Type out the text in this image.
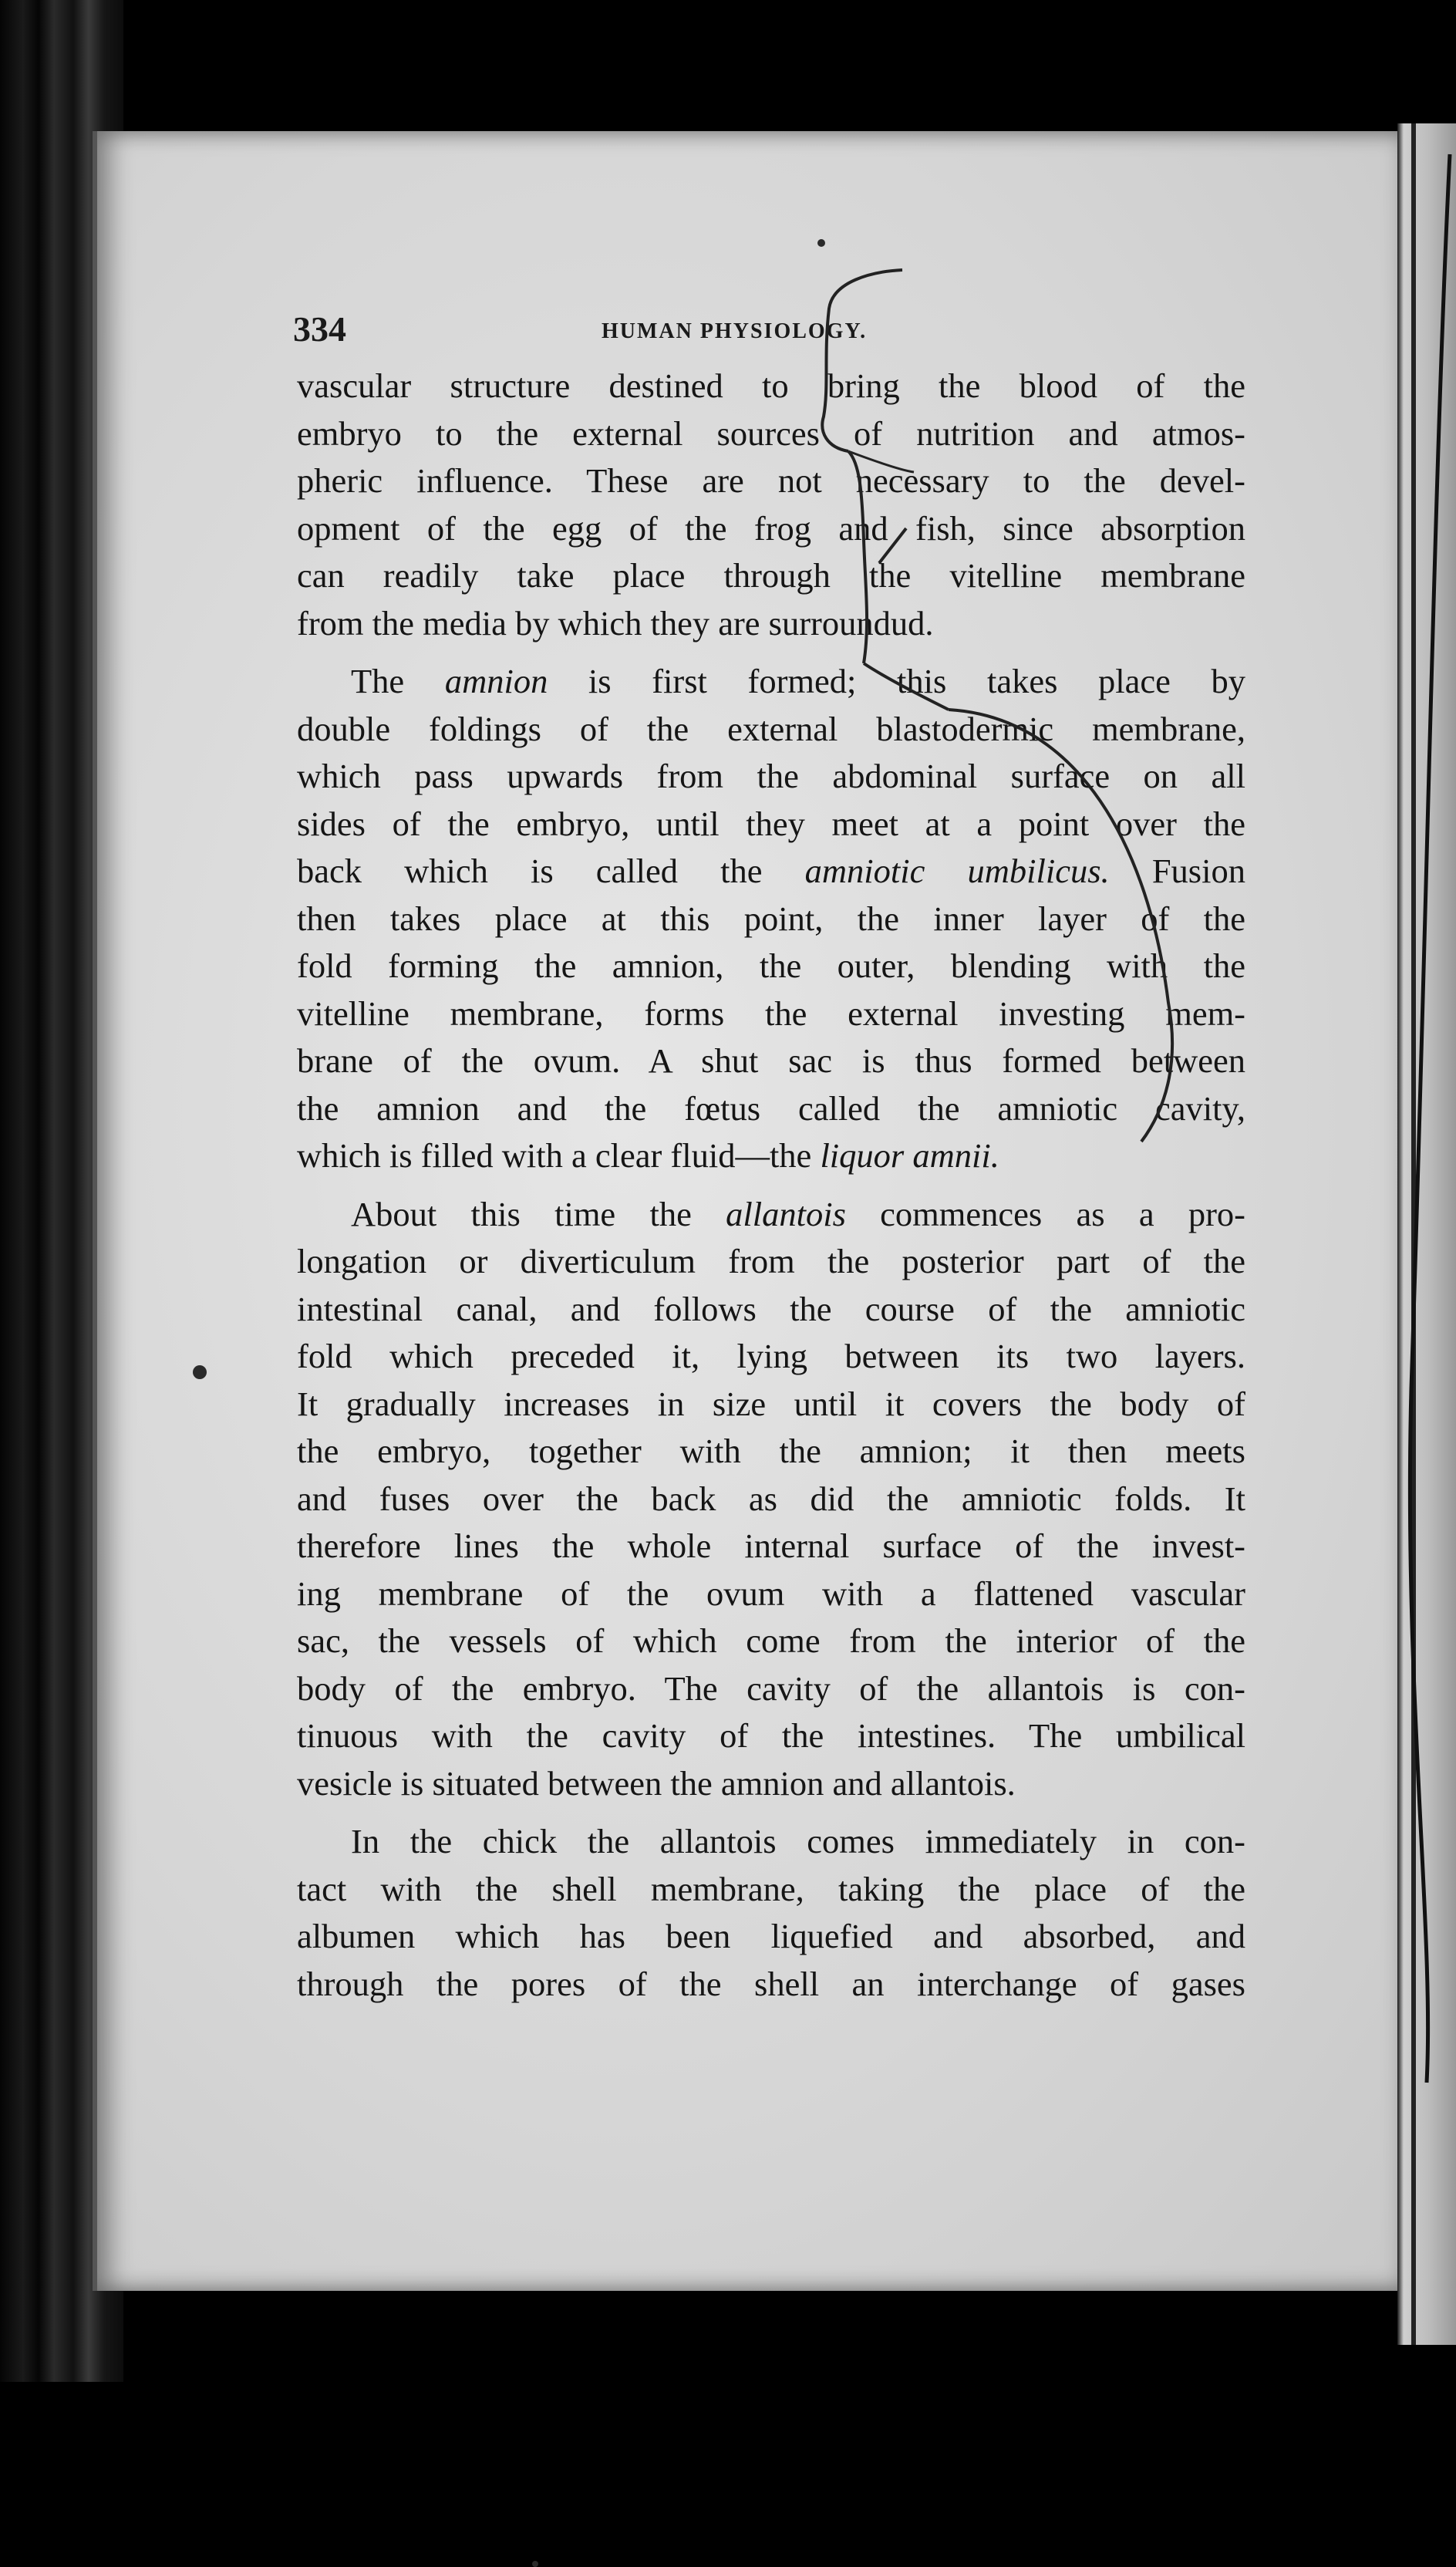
334	HUMAN PHYSIOLOGY.
vascular structure destined to bring the blood of the
embryo to the external sources of nutrition and atmos-
pheric influence. These are not necessary to the devel-
opment of the egg of the frog and fish, since absorption
can readily take place through the vitelline membrane
from the media by which they are surroundud.
The amnion is first formed; this takes place by
double foldings of the external blastodermic membrane,
which pass upwards from the abdominal surface on all
sides of the embryo, until they meet at a point over the
back which is called the amniotic umbilicus. Fusion
then takes place at this point, the inner layer of the
fold forming the amnion, the outer, blending with the
vitelline membrane, forms the external investing mem-
brane of the ovum. A shut sac is thus formed between
the amnion and the fœtus called the amniotic cavity,
which is filled with a clear fluid—the liquor amnii.
About this time the allantois commences as a pro-
longation or diverticulum from the posterior part of the
intestinal canal, and follows the course of the amniotic
fold which preceded it, lying between its two layers.
It gradually increases in size until it covers the body of
the embryo, together with the amnion; it then meets
and fuses over the back as did the amniotic folds. It
therefore lines the whole internal surface of the invest-
ing membrane of the ovum with a flattened vascular
sac, the vessels of which come from the interior of the
body of the embryo. The cavity of the allantois is con-
tinuous with the cavity of the intestines. The umbilical
vesicle is situated between the amnion and allantois.
In the chick the allantois comes immediately in con-
tact with the shell membrane, taking the place of the
albumen which has been liquefied and absorbed, and
through the pores of the shell an interchange of gases
